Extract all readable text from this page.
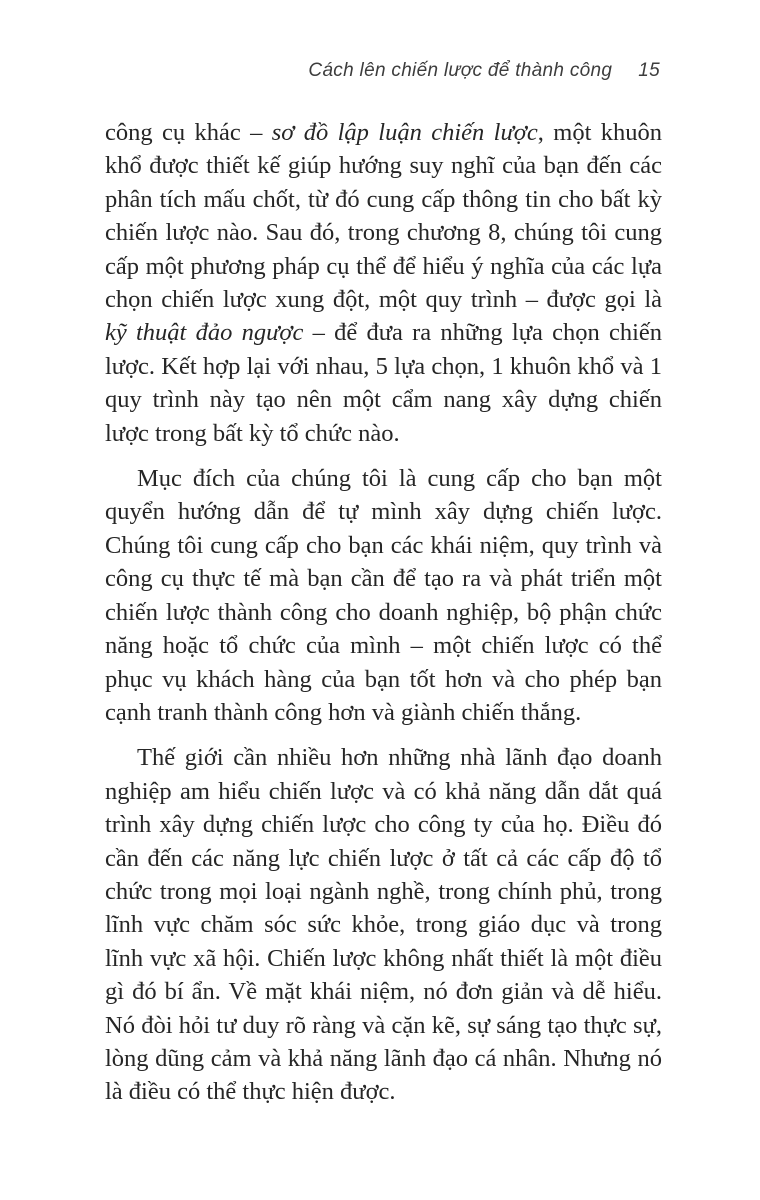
Cách lên chiến lược để thành công 15

công cụ khác – sơ đồ lập luận chiến lược, một khuôn khổ được thiết kế giúp hướng suy nghĩ của bạn đến các phân tích mấu chốt, từ đó cung cấp thông tin cho bất kỳ chiến lược nào. Sau đó, trong chương 8, chúng tôi cung cấp một phương pháp cụ thể để hiểu ý nghĩa của các lựa chọn chiến lược xung đột, một quy trình – được gọi là kỹ thuật đảo ngược – để đưa ra những lựa chọn chiến lược. Kết hợp lại với nhau, 5 lựa chọn, 1 khuôn khổ và 1 quy trình này tạo nên một cẩm nang xây dựng chiến lược trong bất kỳ tổ chức nào.

Mục đích của chúng tôi là cung cấp cho bạn một quyển hướng dẫn để tự mình xây dựng chiến lược. Chúng tôi cung cấp cho bạn các khái niệm, quy trình và công cụ thực tế mà bạn cần để tạo ra và phát triển một chiến lược thành công cho doanh nghiệp, bộ phận chức năng hoặc tổ chức của mình – một chiến lược có thể phục vụ khách hàng của bạn tốt hơn và cho phép bạn cạnh tranh thành công hơn và giành chiến thắng.

Thế giới cần nhiều hơn những nhà lãnh đạo doanh nghiệp am hiểu chiến lược và có khả năng dẫn dắt quá trình xây dựng chiến lược cho công ty của họ. Điều đó cần đến các năng lực chiến lược ở tất cả các cấp độ tổ chức trong mọi loại ngành nghề, trong chính phủ, trong lĩnh vực chăm sóc sức khỏe, trong giáo dục và trong lĩnh vực xã hội. Chiến lược không nhất thiết là một điều gì đó bí ẩn. Về mặt khái niệm, nó đơn giản và dễ hiểu. Nó đòi hỏi tư duy rõ ràng và cặn kẽ, sự sáng tạo thực sự, lòng dũng cảm và khả năng lãnh đạo cá nhân. Nhưng nó là điều có thể thực hiện được.
